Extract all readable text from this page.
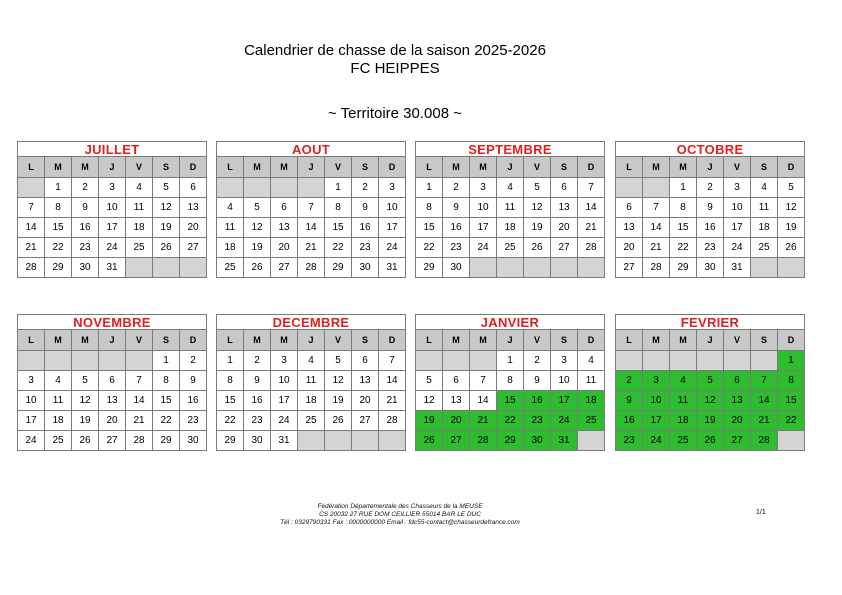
Calendrier de chasse de la saison 2025-2026
FC HEIPPES
~ Territoire 30.008 ~
JUILLET						
L	M	M	J	V	S	D
	1	2	3	4	5	6
7	8	9	10	11	12	13
14	15	16	17	18	19	20
21	22	23	24	25	26	27
28	29	30	31			
AOUT						
L	M	M	J	V	S	D
				1	2	3
4	5	6	7	8	9	10
11	12	13	14	15	16	17
18	19	20	21	22	23	24
25	26	27	28	29	30	31
SEPTEMBRE						
L	M	M	J	V	S	D
1	2	3	4	5	6	7
8	9	10	11	12	13	14
15	16	17	18	19	20	21
22	23	24	25	26	27	28
29	30					
OCTOBRE						
L	M	M	J	V	S	D
		1	2	3	4	5
6	7	8	9	10	11	12
13	14	15	16	17	18	19
20	21	22	23	24	25	26
27	28	29	30	31		
NOVEMBRE						
L	M	M	J	V	S	D
					1	2
3	4	5	6	7	8	9
10	11	12	13	14	15	16
17	18	19	20	21	22	23
24	25	26	27	28	29	30
DECEMBRE						
L	M	M	J	V	S	D
1	2	3	4	5	6	7
8	9	10	11	12	13	14
15	16	17	18	19	20	21
22	23	24	25	26	27	28
29	30	31				
JANVIER						
L	M	M	J	V	S	D
			1	2	3	4
5	6	7	8	9	10	11
12	13	14	15	16	17	18
19	20	21	22	23	24	25
26	27	28	29	30	31	
FEVRIER						
L	M	M	J	V	S	D
						1
2	3	4	5	6	7	8
9	10	11	12	13	14	15
16	17	18	19	20	21	22
23	24	25	26	27	28	
Fédération Départementale des Chasseurs de la MEUSE
CS 20032 27 RUE DOM CEILLIER 55014 BAR LE DUC
Tél : 0329790331 Fax : 0000000000 Email : fdc55-contact@chasseurdefrance.com
1/1
